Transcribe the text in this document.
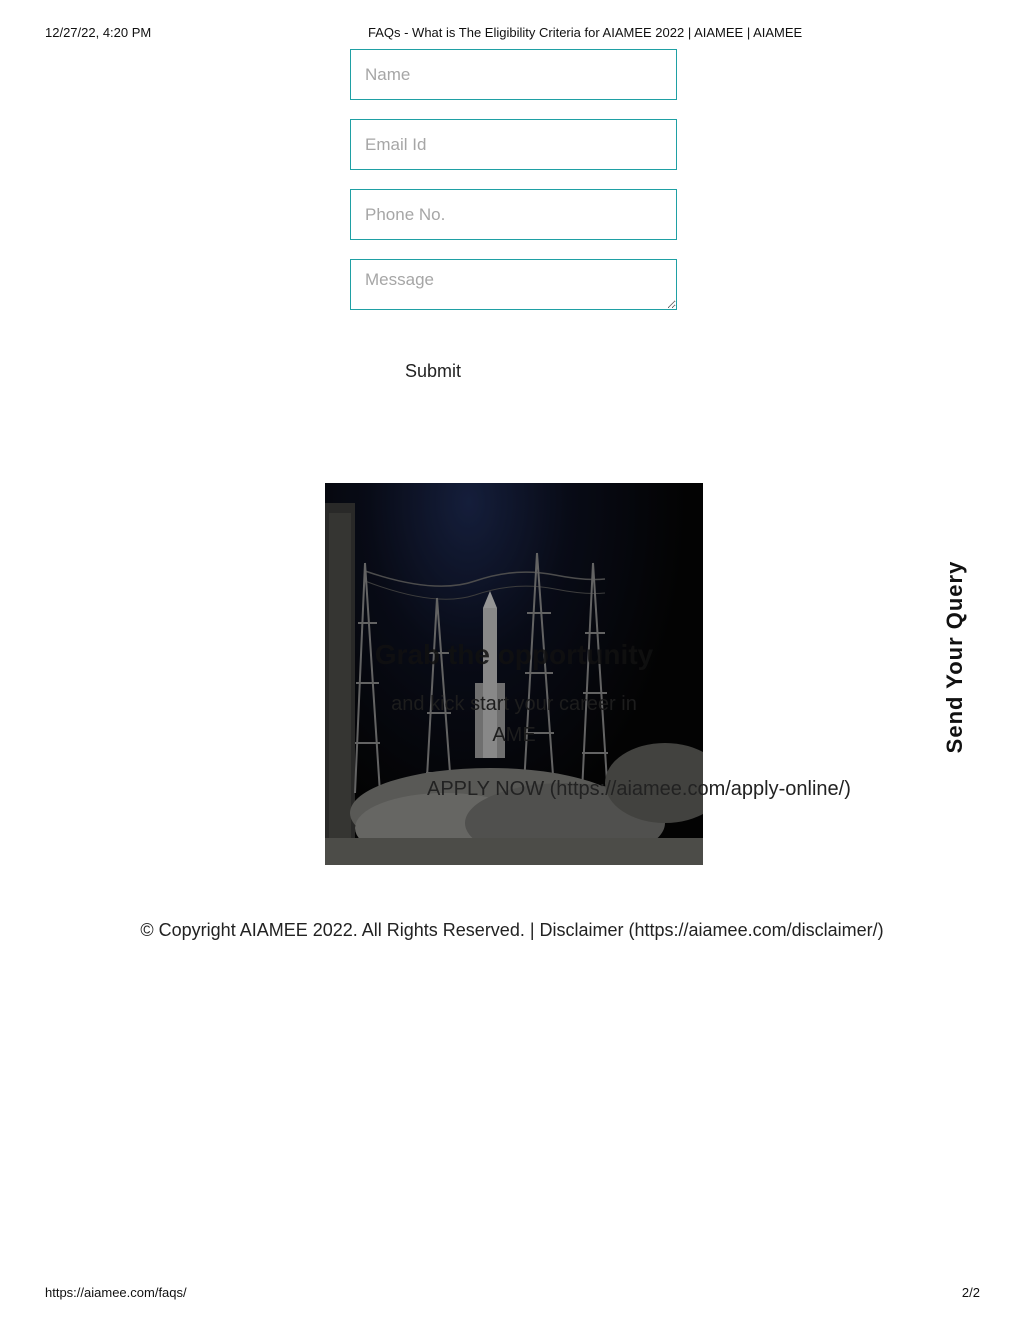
12/27/22, 4:20 PM	FAQs - What is The Eligibility Criteria for AIAMEE 2022 | AIAMEE | AIAMEE
Name
Email Id
Phone No.
Message
Submit
Grab the opportunity
and kick start your career in AME
APPLY NOW (https://aiamee.com/apply-online/)
Send Your Query
© Copyright AIAMEE 2022. All Rights Reserved. | Disclaimer (https://aiamee.com/disclaimer/)
https://aiamee.com/faqs/	2/2
